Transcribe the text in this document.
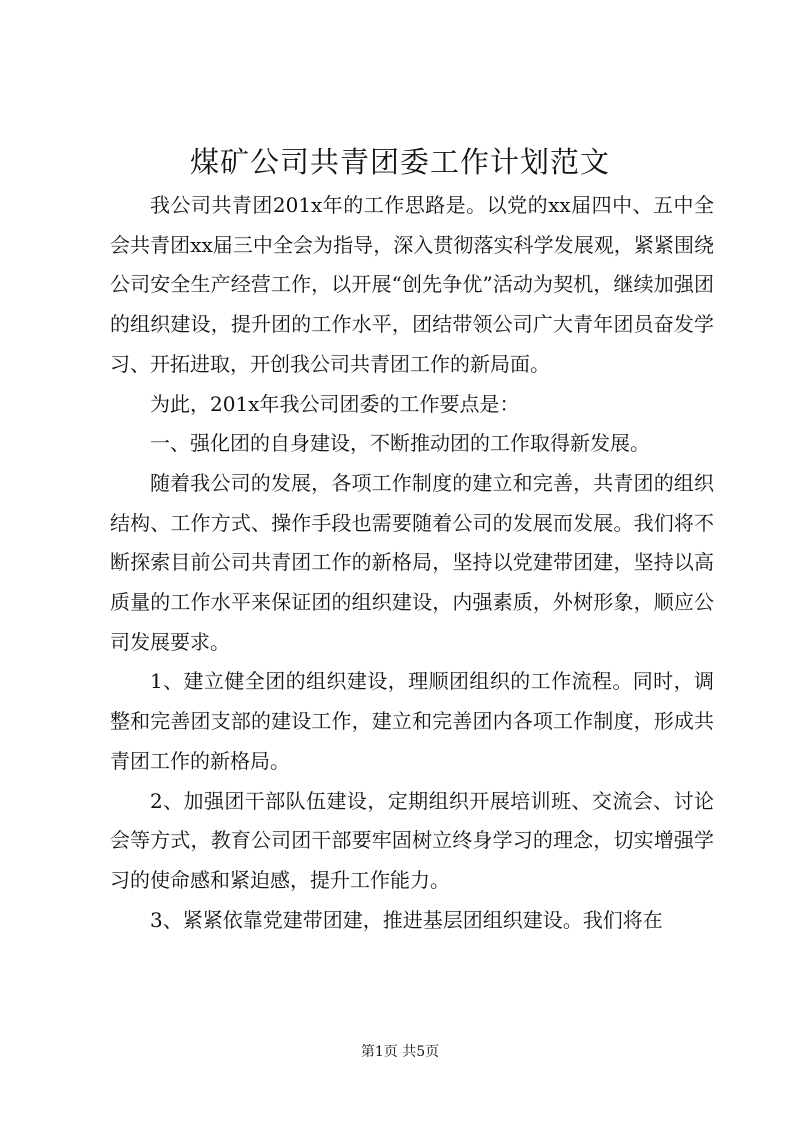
煤矿公司共青团委工作计划范文

我公司共青团201x年的工作思路是。以党的xx届四中、五中全会共青团xx届三中全会为指导，深入贯彻落实科学发展观，紧紧围绕公司安全生产经营工作，以开展“创先争优”活动为契机，继续加强团的组织建设，提升团的工作水平，团结带领公司广大青年团员奋发学习、开拓进取，开创我公司共青团工作的新局面。

为此，201x年我公司团委的工作要点是：

一、强化团的自身建设，不断推动团的工作取得新发展。

随着我公司的发展，各项工作制度的建立和完善，共青团的组织结构、工作方式、操作手段也需要随着公司的发展而发展。我们将不断探索目前公司共青团工作的新格局，坚持以党建带团建，坚持以高质量的工作水平来保证团的组织建设，内强素质，外树形象，顺应公司发展要求。

1、建立健全团的组织建设，理顺团组织的工作流程。同时，调整和完善团支部的建设工作，建立和完善团内各项工作制度，形成共青团工作的新格局。

2、加强团干部队伍建设，定期组织开展培训班、交流会、讨论会等方式，教育公司团干部要牢固树立终身学习的理念，切实增强学习的使命感和紧迫感，提升工作能力。

3、紧紧依靠党建带团建，推进基层团组织建设。我们将在

第1页 共5页
